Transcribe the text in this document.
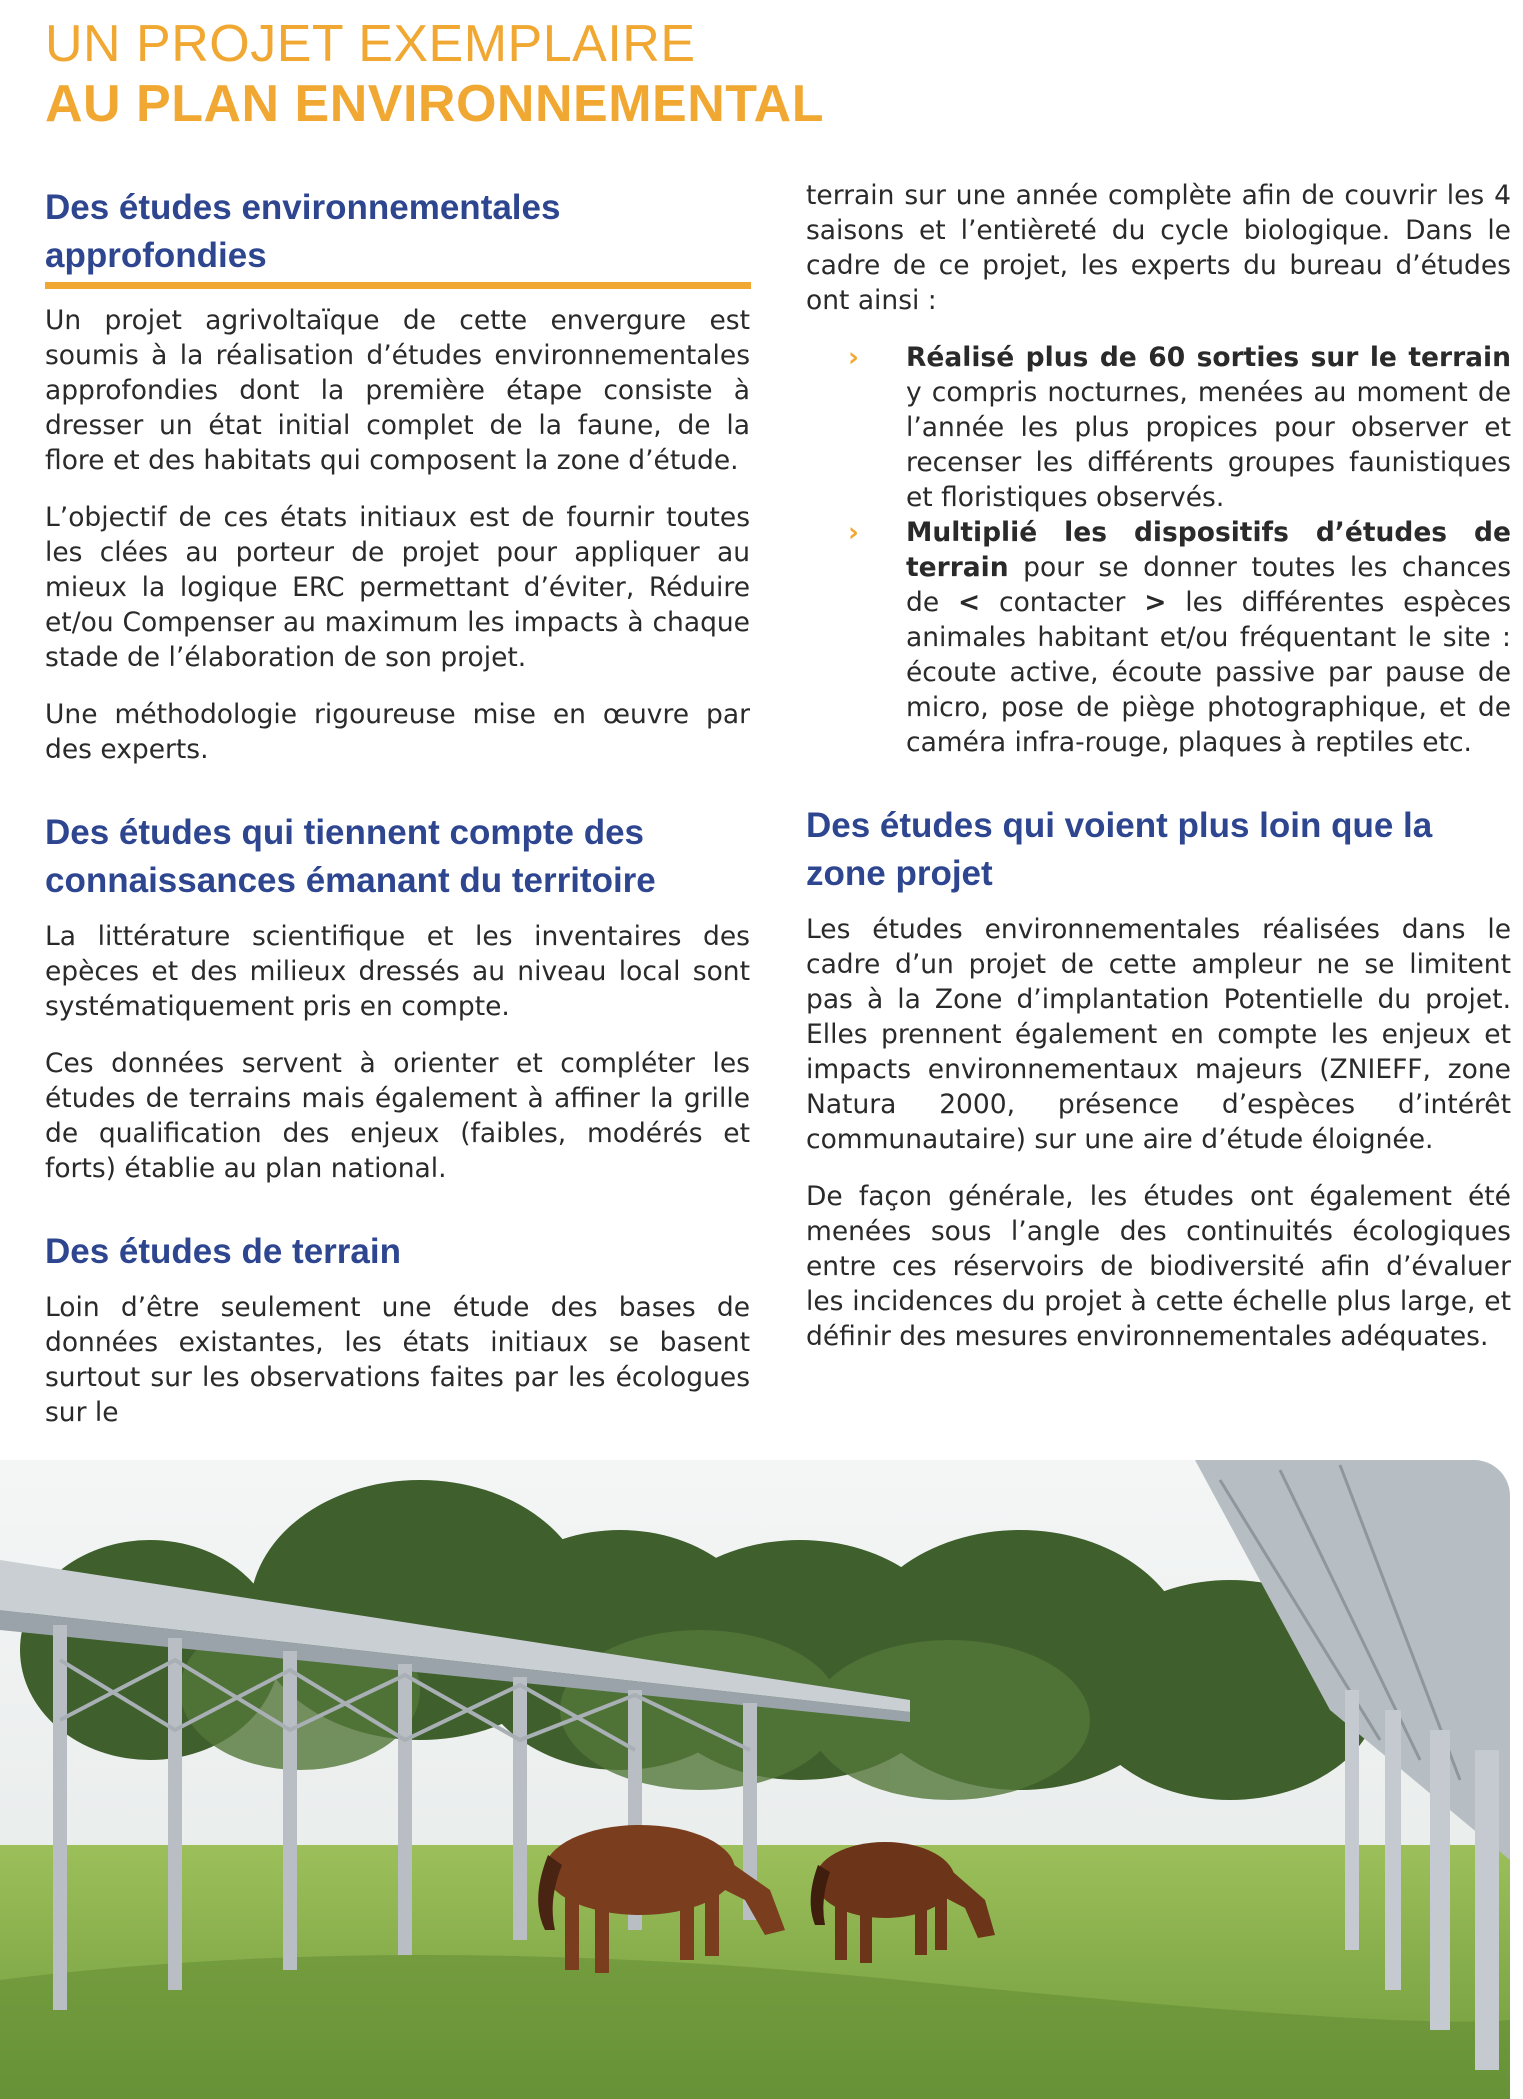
UN PROJET EXEMPLAIRE
AU PLAN ENVIRONNEMENTAL
Des études environnementales approfondies

Un projet agrivoltaïque de cette envergure est soumis à la réalisation d’études environnementales approfondies dont la première étape consiste à dresser un état initial complet de la faune, de la flore et des habitats qui composent la zone d’étude.

L’objectif de ces états initiaux est de fournir toutes les clées au porteur de projet pour appliquer au mieux la logique ERC permettant d’éviter, Réduire et/ou Compenser au maximum les impacts à chaque stade de l’élaboration de son projet.

Une méthodologie rigoureuse mise en œuvre par des experts.

Des études qui tiennent compte des connaissances émanant du territoire

La littérature scientifique et les inventaires des epèces et des milieux dressés au niveau local sont systématiquement pris en compte.

Ces données servent à orienter et compléter les études de terrains mais également à affiner la grille de qualification des enjeux (faibles, modérés et forts) établie au plan national.

Des études de terrain

Loin d’être seulement une étude des bases de données existantes, les états initiaux se basent surtout sur les observations faites par les écologues sur le

terrain sur une année complète afin de couvrir les 4 saisons et l’entièreté du cycle biologique. Dans le cadre de ce projet, les experts du bureau d’études ont ainsi :

› Réalisé plus de 60 sorties sur le terrain y compris nocturnes, menées au moment de l’année les plus propices pour observer et recenser les différents groupes faunistiques et floristiques observés.
› Multiplié les dispositifs d’études de terrain pour se donner toutes les chances de < contacter > les différentes espèces animales habitant et/ou fréquentant le site : écoute active, écoute passive par pause de micro, pose de piège photographique, et de caméra infra-rouge, plaques à reptiles etc.
Des études qui voient plus loin que la zone projet

Les études environnementales réalisées dans le cadre d’un projet de cette ampleur ne se limitent pas à la Zone d’implantation Potentielle du projet. Elles prennent également en compte les enjeux et impacts environnementaux majeurs (ZNIEFF, zone Natura 2000, présence d’espèces d’intérêt communautaire) sur une aire d’étude éloignée.

De façon générale, les études ont également été menées sous l’angle des continuités écologiques entre ces réservoirs de biodiversité afin d’évaluer les incidences du projet à cette échelle plus large, et définir des mesures environnementales adéquates.
